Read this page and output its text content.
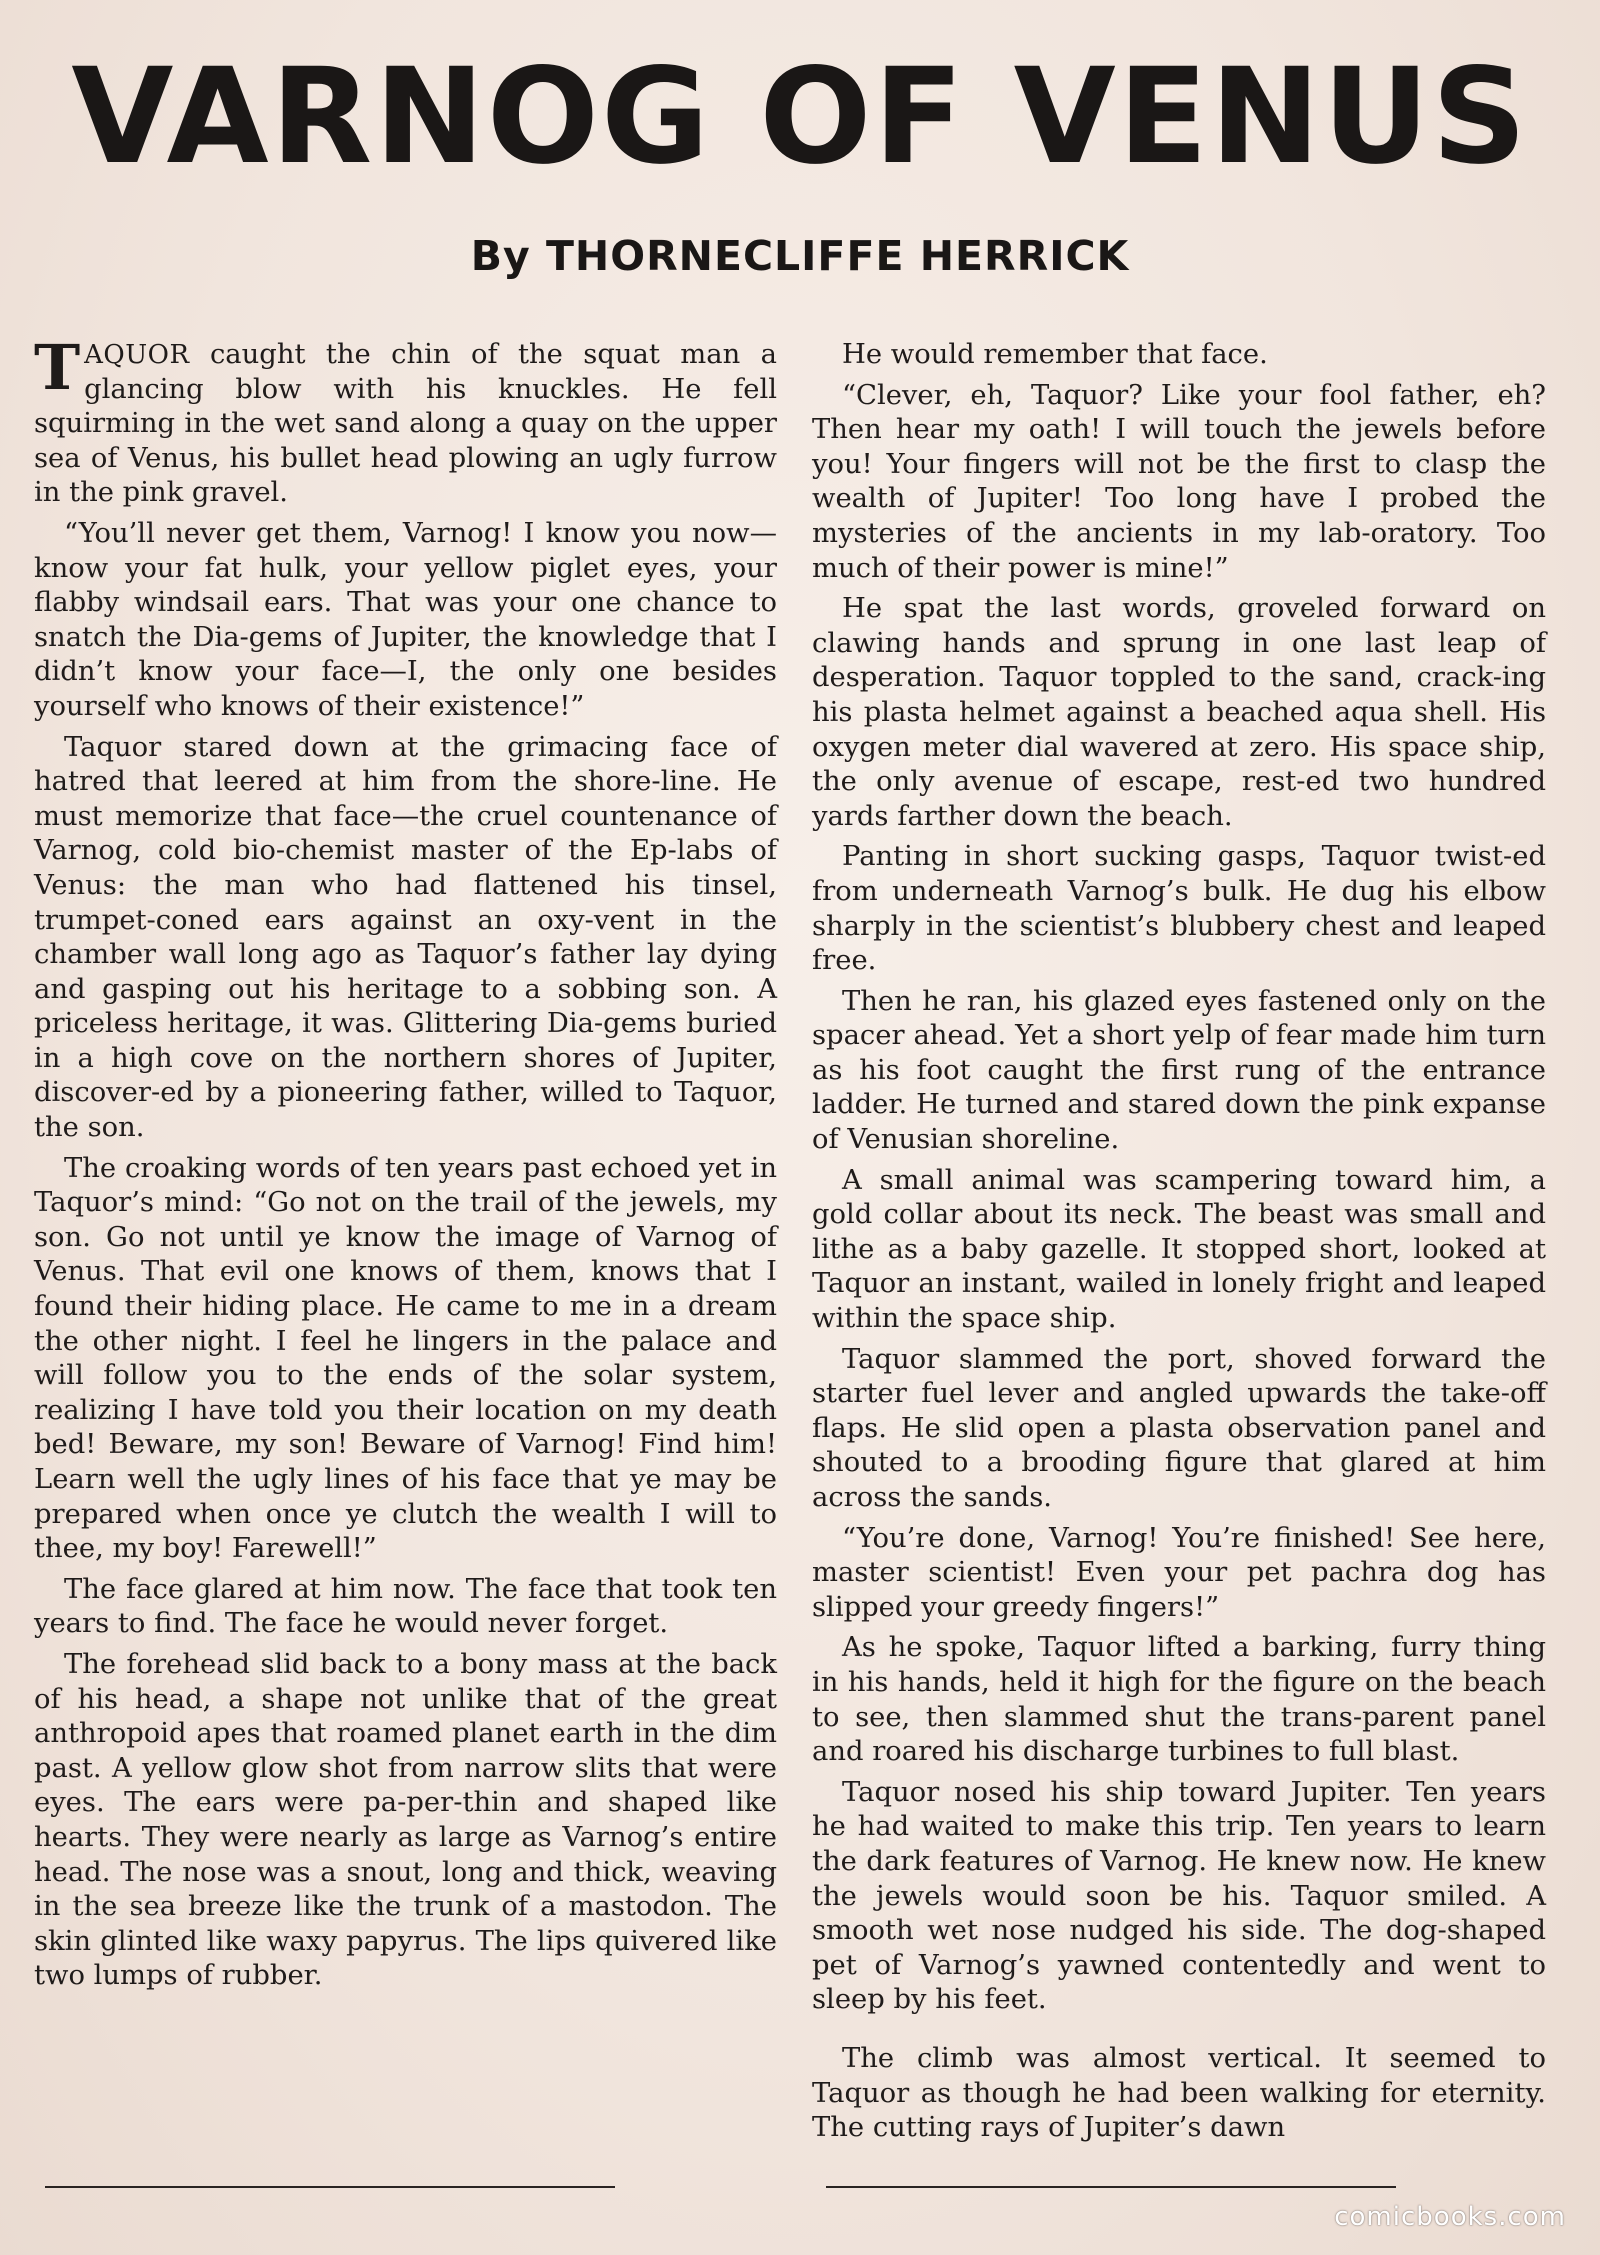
VARNOG OF VENUS
By THORNECLIFFE HERRICK

TAQUOR caught the chin of the squat man a glancing blow with his knuckles. He fell squirming in the wet sand along a quay on the upper sea of Venus, his bullet head plowing an ugly furrow in the pink gravel.

“You’ll never get them, Varnog! I know you now—know your fat hulk, your yellow piglet eyes, your flabby windsail ears. That was your one chance to snatch the Dia-gems of Jupiter, the knowledge that I didn’t know your face—I, the only one besides yourself who knows of their existence!”

Taquor stared down at the grimacing face of hatred that leered at him from the shore-line. He must memorize that face—the cruel countenance of Varnog, cold bio-chemist master of the Ep-labs of Venus: the man who had flattened his tinsel, trumpet-coned ears against an oxy-vent in the chamber wall long ago as Taquor’s father lay dying and gasping out his heritage to a sobbing son. A priceless heritage, it was. Glittering Dia-gems buried in a high cove on the northern shores of Jupiter, discover-ed by a pioneering father, willed to Taquor, the son.

The croaking words of ten years past echoed yet in Taquor’s mind: “Go not on the trail of the jewels, my son. Go not until ye know the image of Varnog of Venus. That evil one knows of them, knows that I found their hiding place. He came to me in a dream the other night. I feel he lingers in the palace and will follow you to the ends of the solar system, realizing I have told you their location on my death bed! Beware, my son! Beware of Varnog! Find him! Learn well the ugly lines of his face that ye may be prepared when once ye clutch the wealth I will to thee, my boy! Farewell!”

The face glared at him now. The face that took ten years to find. The face he would never forget.

The forehead slid back to a bony mass at the back of his head, a shape not unlike that of the great anthropoid apes that roamed planet earth in the dim past. A yellow glow shot from narrow slits that were eyes. The ears were pa-per-thin and shaped like hearts. They were nearly as large as Varnog’s entire head. The nose was a snout, long and thick, weaving in the sea breeze like the trunk of a mastodon. The skin glinted like waxy papyrus. The lips quivered like two lumps of rubber.

He would remember that face.

“Clever, eh, Taquor? Like your fool father, eh? Then hear my oath! I will touch the jewels before you! Your fingers will not be the first to clasp the wealth of Jupiter! Too long have I probed the mysteries of the ancients in my lab-oratory. Too much of their power is mine!”

He spat the last words, groveled forward on clawing hands and sprung in one last leap of desperation. Taquor toppled to the sand, crack-ing his plasta helmet against a beached aqua shell. His oxygen meter dial wavered at zero. His space ship, the only avenue of escape, rest-ed two hundred yards farther down the beach.

Panting in short sucking gasps, Taquor twist-ed from underneath Varnog’s bulk. He dug his elbow sharply in the scientist’s blubbery chest and leaped free.

Then he ran, his glazed eyes fastened only on the spacer ahead. Yet a short yelp of fear made him turn as his foot caught the first rung of the entrance ladder. He turned and stared down the pink expanse of Venusian shoreline.

A small animal was scampering toward him, a gold collar about its neck. The beast was small and lithe as a baby gazelle. It stopped short, looked at Taquor an instant, wailed in lonely fright and leaped within the space ship.

Taquor slammed the port, shoved forward the starter fuel lever and angled upwards the take-off flaps. He slid open a plasta observation panel and shouted to a brooding figure that glared at him across the sands.

“You’re done, Varnog! You’re finished! See here, master scientist! Even your pet pachra dog has slipped your greedy fingers!”

As he spoke, Taquor lifted a barking, furry thing in his hands, held it high for the figure on the beach to see, then slammed shut the trans-parent panel and roared his discharge turbines to full blast.

Taquor nosed his ship toward Jupiter. Ten years he had waited to make this trip. Ten years to learn the dark features of Varnog. He knew now. He knew the jewels would soon be his. Taquor smiled. A smooth wet nose nudged his side. The dog-shaped pet of Varnog’s yawned contentedly and went to sleep by his feet.

The climb was almost vertical. It seemed to Taquor as though he had been walking for eternity. The cutting rays of Jupiter’s dawn

comicbooks.com
